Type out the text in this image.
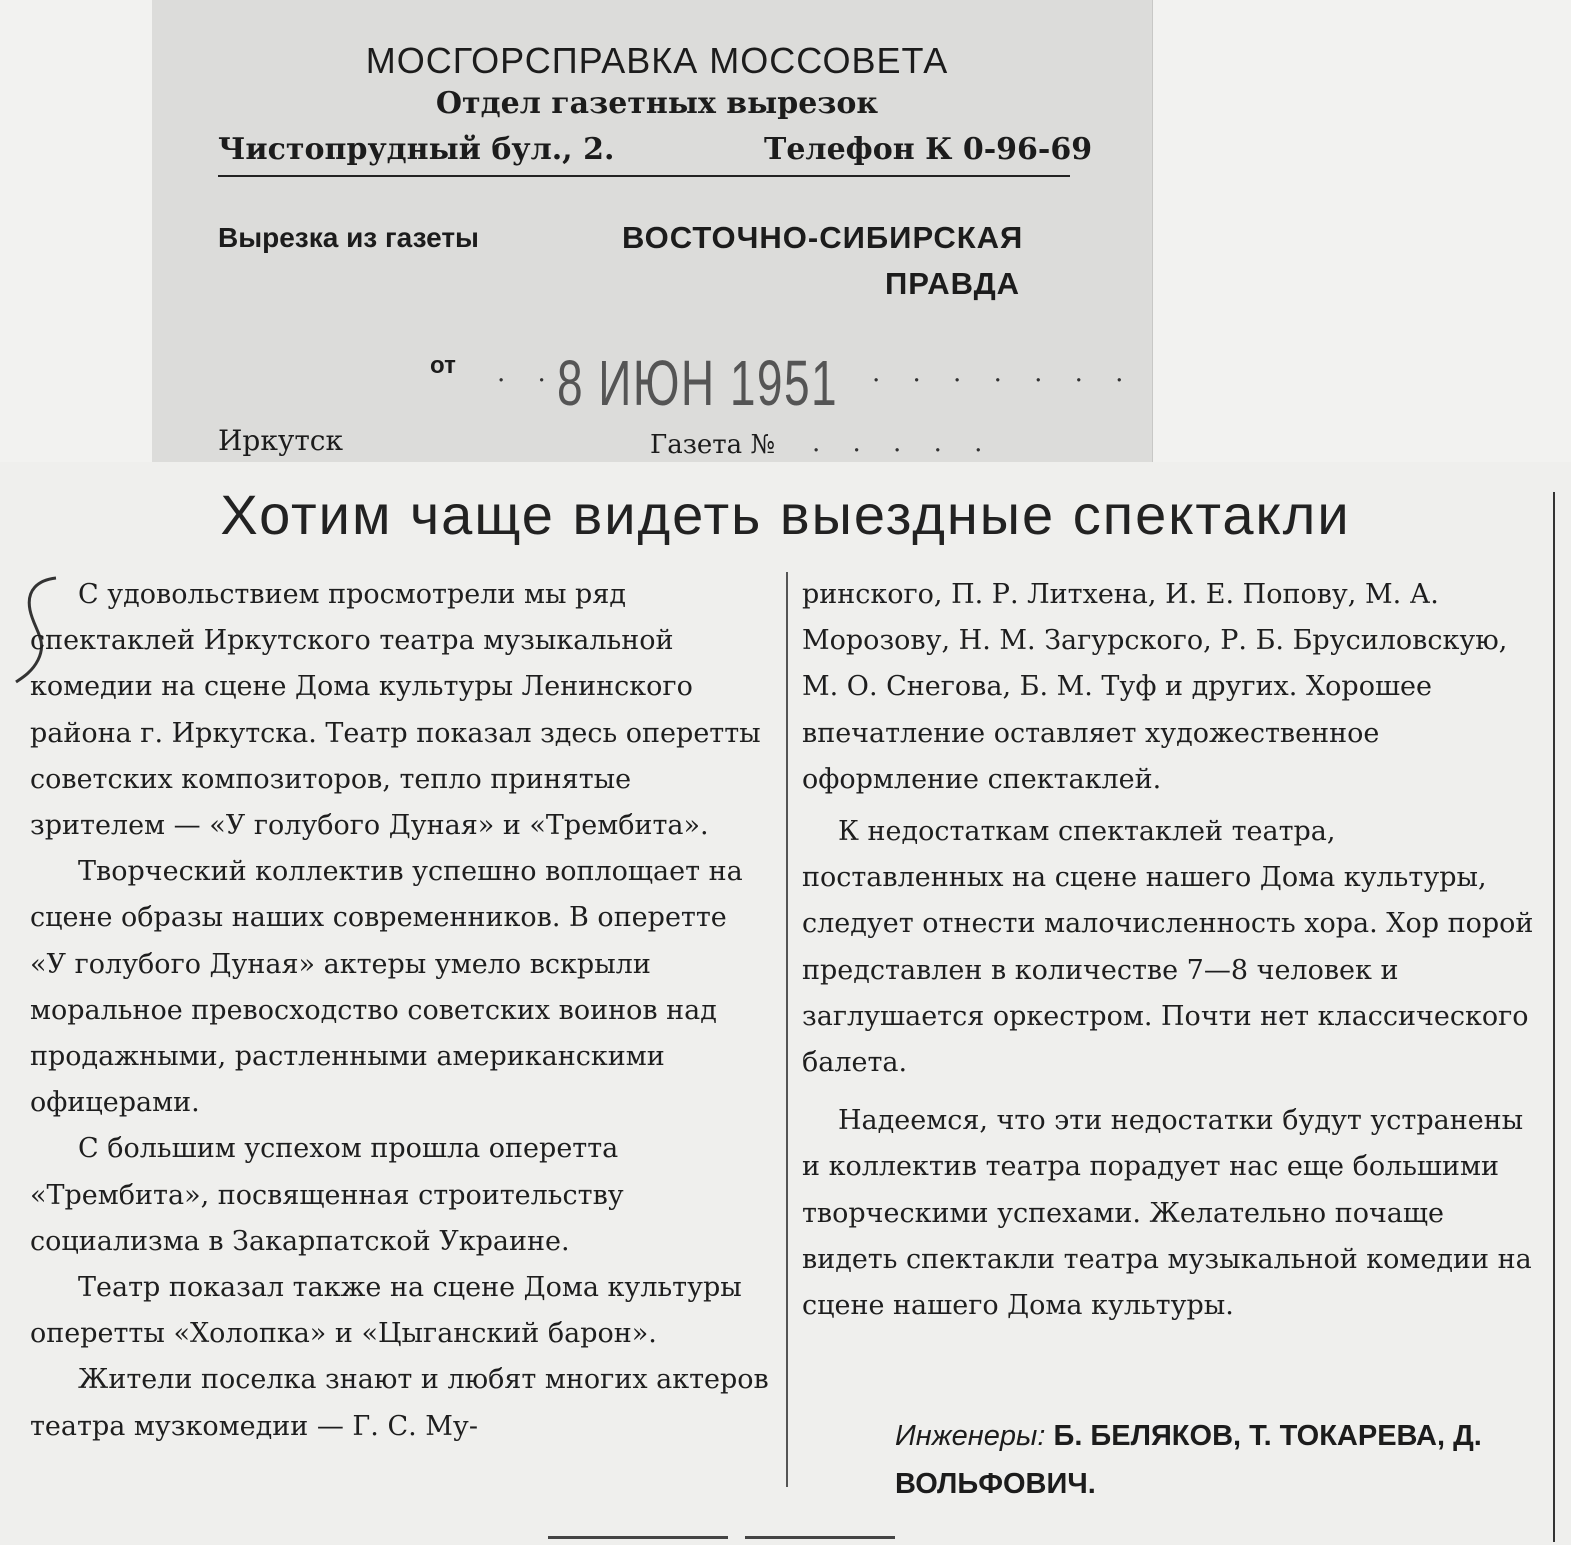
МОСГОРСПРАВКА МОССОВЕТА
Отдел газетных вырезок
Чистопрудный бул., 2.	Телефон К 0-96-69
Вырезка из газеты	ВОСТОЧНО-СИБИРСКАЯ
ПРАВДА
от . . 8 ИЮН 1951 . . . . . . .
Иркутск	Газета № . . . . .
Хотим чаще видеть выездные спектакли

С удовольствием просмотрели мы ряд спектаклей Иркутского театра музыкальной комедии на сцене Дома культуры Ленинского района г. Иркутска. Театр показал здесь оперетты советских композиторов, тепло принятые зрителем — «У голубого Дуная» и «Трембита».

Творческий коллектив успешно воплощает на сцене образы наших современников. В оперетте «У голубого Дуная» актеры умело вскрыли моральное превосходство советских воинов над продажными, растленными американскими офицерами.

С большим успехом прошла оперетта «Трембита», посвященная строительству социализма в Закарпатской Украине.

Театр показал также на сцене Дома культуры оперетты «Холопка» и «Цыганский барон».

Жители поселка знают и любят многих актеров театра музкомедии — Г. С. Му-

ринского, П. Р. Литхена, И. Е. Попову, М. А. Морозову, Н. М. Загурского, Р. Б. Брусиловскую, М. О. Снегова, Б. М. Туф и других. Хорошее впечатление оставляет художественное оформление спектаклей.

К недостаткам спектаклей театра, поставленных на сцене нашего Дома культуры, следует отнести малочисленность хора. Хор порой представлен в количестве 7—8 человек и заглушается оркестром. Почти нет классического балета.

Надеемся, что эти недостатки будут устранены и коллектив театра порадует нас еще большими творческими успехами. Желательно почаще видеть спектакли театра музыкальной комедии на сцене нашего Дома культуры.

Инженеры: Б. БЕЛЯКОВ, Т. ТОКАРЕВА, Д. ВОЛЬФОВИЧ.
